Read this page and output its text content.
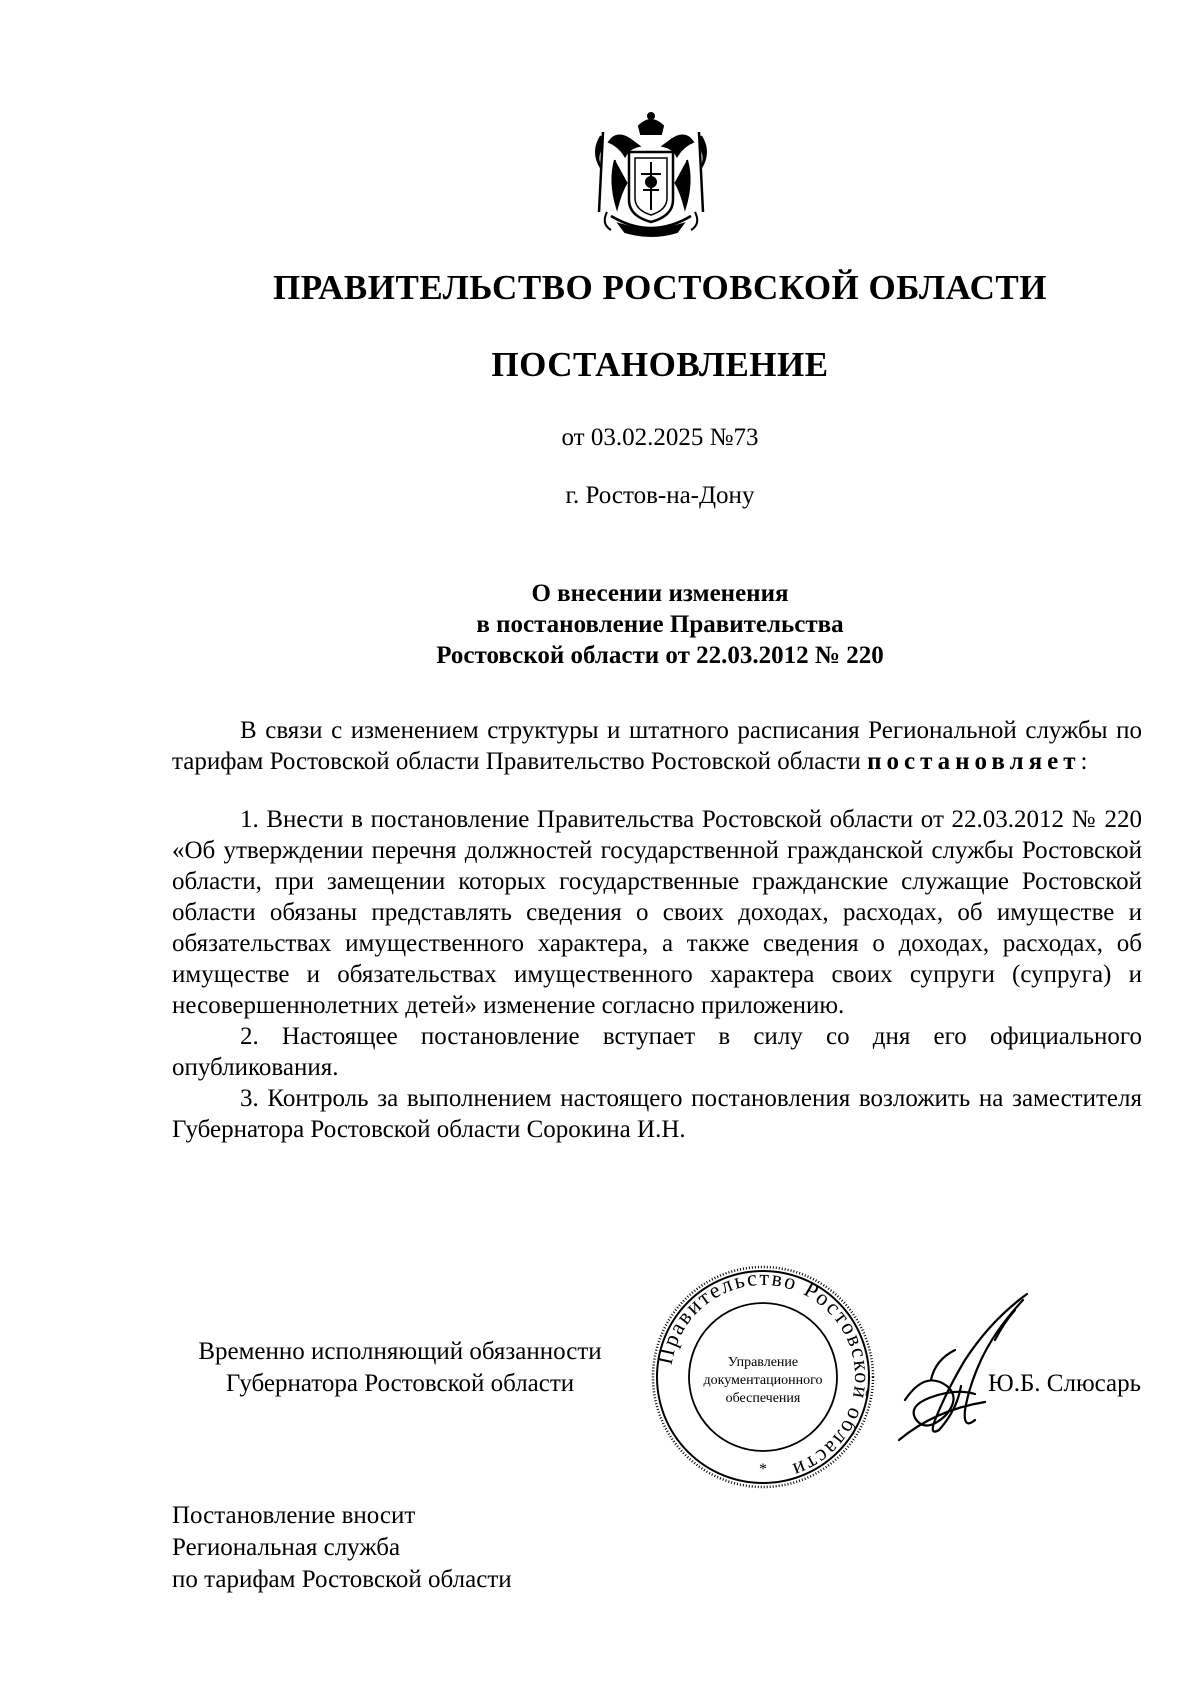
ПРАВИТЕЛЬСТВО РОСТОВСКОЙ ОБЛАСТИ
ПОСТАНОВЛЕНИЕ
от 03.02.2025 №73
г. Ростов-на-Дону
О внесении изменения
в постановление Правительства
Ростовской области от 22.03.2012 № 220

В связи с изменением структуры и штатного расписания Региональной службы по тарифам Ростовской области Правительство Ростовской области постановляет:

1. Внести в постановление Правительства Ростовской области от 22.03.2012 № 220 «Об утверждении перечня должностей государственной гражданской службы Ростовской области, при замещении которых государственные гражданские служащие Ростовской области обязаны представлять сведения о своих доходах, расходах, об имуществе и обязательствах имущественного характера, а также сведения о доходах, расходах, об имуществе и обязательствах имущественного характера своих супруги (супруга) и несовершеннолетних детей» изменение согласно приложению.

2. Настоящее постановление вступает в силу со дня его официального опубликования.

3. Контроль за выполнением настоящего постановления возложить на заместителя Губернатора Ростовской области Сорокина И.Н.

Временно исполняющий обязанности
Губернатора Ростовской области
Правительство Ростовской области
Управление
документационного
обеспечения
*
Ю.Б. Слюсарь
Постановление вносит
Региональная служба
по тарифам Ростовской области
